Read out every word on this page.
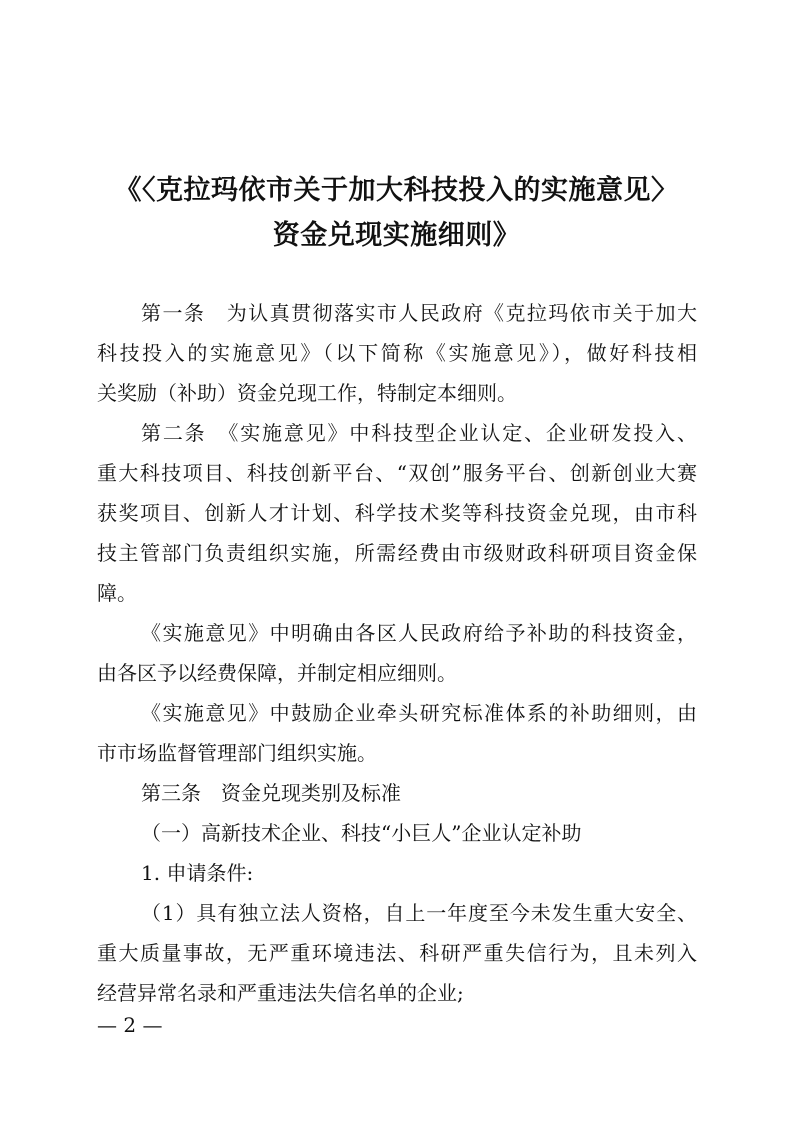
《〈克拉玛依市关于加大科技投入的实施意见〉
资金兑现实施细则》
第一条　为认真贯彻落实市人民政府《克拉玛依市关于加大
科技投入的实施意见》（以下简称《实施意见》），做好科技相
关奖励（补助）资金兑现工作，特制定本细则。
第二条　《实施意见》中科技型企业认定、企业研发投入、
重大科技项目、科技创新平台、“双创”服务平台、创新创业大赛
获奖项目、创新人才计划、科学技术奖等科技资金兑现，由市科
技主管部门负责组织实施，所需经费由市级财政科研项目资金保
障。
《实施意见》中明确由各区人民政府给予补助的科技资金，
由各区予以经费保障，并制定相应细则。
《实施意见》中鼓励企业牵头研究标准体系的补助细则，由
市市场监督管理部门组织实施。
第三条　资金兑现类别及标准
（一）高新技术企业、科技“小巨人”企业认定补助
1. 申请条件:
（1）具有独立法人资格，自上一年度至今未发生重大安全、
重大质量事故，无严重环境违法、科研严重失信行为，且未列入
经营异常名录和严重违法失信名单的企业;
— 2 —
